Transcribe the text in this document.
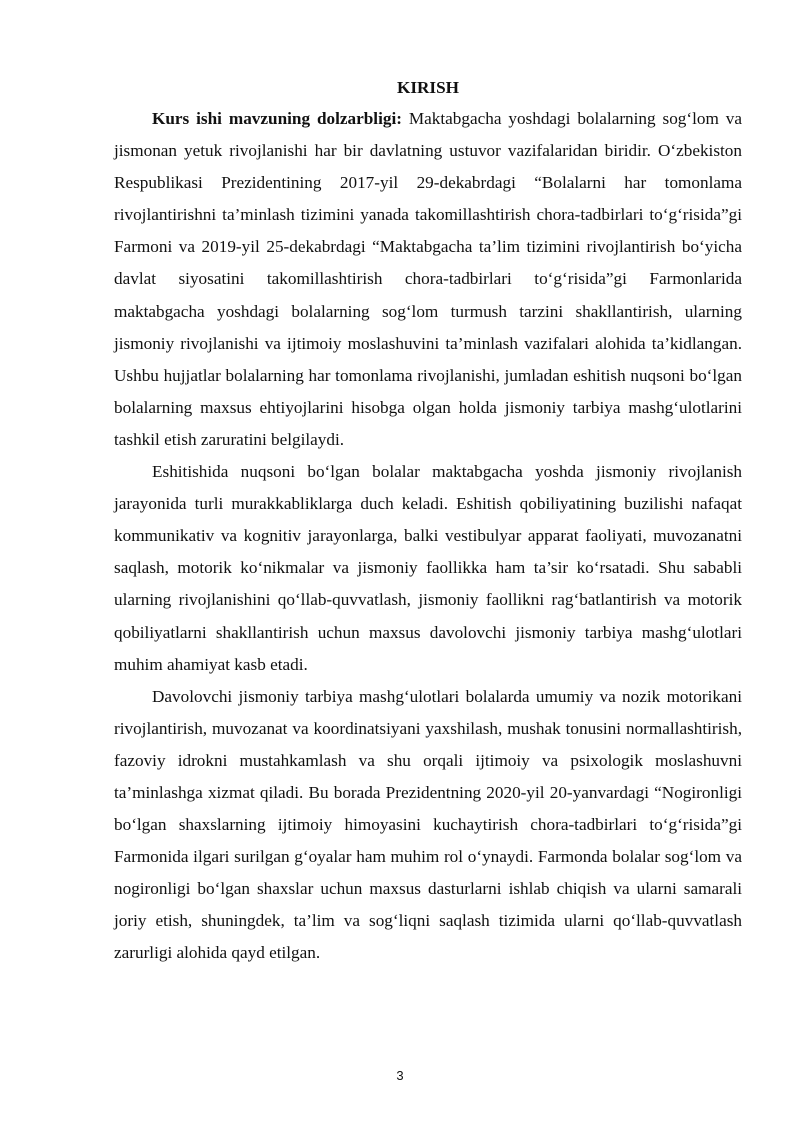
KIRISH

Kurs ishi mavzuning dolzarbligi: Maktabgacha yoshdagi bolalarning sog‘lom va jismonan yetuk rivojlanishi har bir davlatning ustuvor vazifalaridan biridir. O‘zbekiston Respublikasi Prezidentining 2017-yil 29-dekabrdagi “Bolalarni har tomonlama rivojlantirishni ta’minlash tizimini yanada takomillashtirish chora-tadbirlari to‘g‘risida”gi Farmoni va 2019-yil 25-dekabrdagi “Maktabgacha ta’lim tizimini rivojlantirish bo‘yicha davlat siyosatini takomillashtirish chora-tadbirlari to‘g‘risida”gi Farmonlarida maktabgacha yoshdagi bolalarning sog‘lom turmush tarzini shakllantirish, ularning jismoniy rivojlanishi va ijtimoiy moslashuvini ta’minlash vazifalari alohida ta’kidlangan. Ushbu hujjatlar bolalarning har tomonlama rivojlanishi, jumladan eshitish nuqsoni bo‘lgan bolalarning maxsus ehtiyojlarini hisobga olgan holda jismoniy tarbiya mashg‘ulotlarini tashkil etish zaruratini belgilaydi.

Eshitishida nuqsoni bo‘lgan bolalar maktabgacha yoshda jismoniy rivojlanish jarayonida turli murakkabliklarga duch keladi. Eshitish qobiliyatining buzilishi nafaqat kommunikativ va kognitiv jarayonlarga, balki vestibulyar apparat faoliyati, muvozanatni saqlash, motorik ko‘nikmalar va jismoniy faollikka ham ta’sir ko‘rsatadi. Shu sababli ularning rivojlanishini qo‘llab-quvvatlash, jismoniy faollikni rag‘batlantirish va motorik qobiliyatlarni shakllantirish uchun maxsus davolovchi jismoniy tarbiya mashg‘ulotlari muhim ahamiyat kasb etadi.

Davolovchi jismoniy tarbiya mashg‘ulotlari bolalarda umumiy va nozik motorikani rivojlantirish, muvozanat va koordinatsiyani yaxshilash, mushak tonusini normallashtirish, fazoviy idrokni mustahkamlash va shu orqali ijtimoiy va psixologik moslashuvni ta’minlashga xizmat qiladi. Bu borada Prezidentning 2020-yil 20-yanvardagi “Nogironligi bo‘lgan shaxslarning ijtimoiy himoyasini kuchaytirish chora-tadbirlari to‘g‘risida”gi Farmonida ilgari surilgan g‘oyalar ham muhim rol o‘ynaydi. Farmonda bolalar sog‘lom va nogironligi bo‘lgan shaxslar uchun maxsus dasturlarni ishlab chiqish va ularni samarali joriy etish, shuningdek, ta’lim va sog‘liqni saqlash tizimida ularni qo‘llab-quvvatlash zarurligi alohida qayd etilgan.

3
